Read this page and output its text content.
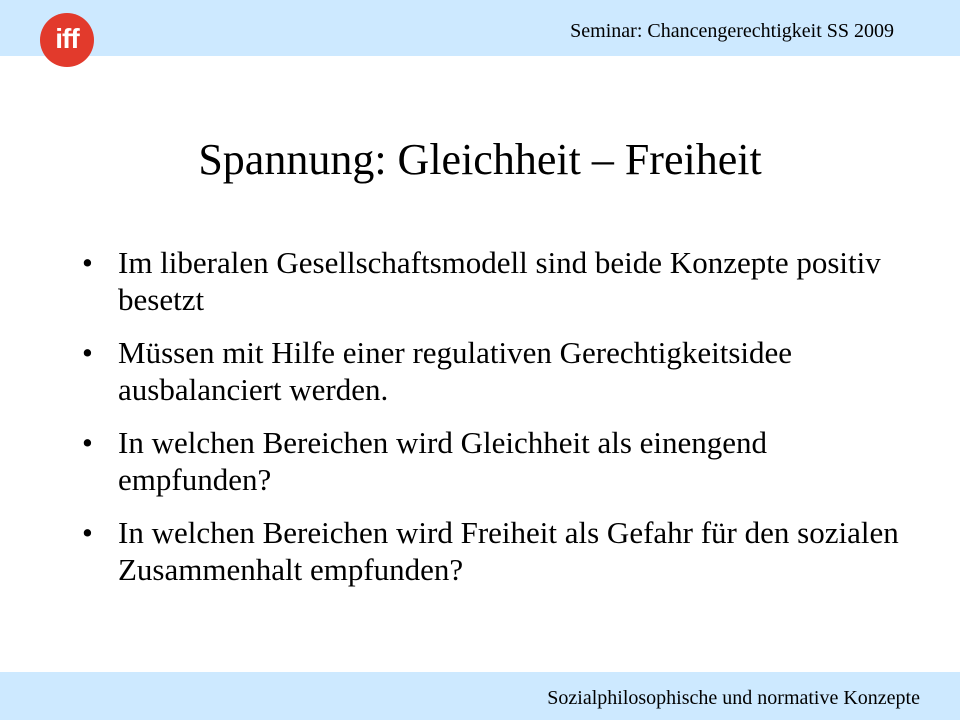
Seminar: Chancengerechtigkeit SS 2009
iff
Spannung: Gleichheit – Freiheit
• Im liberalen Gesellschaftsmodell sind beide Konzepte positiv besetzt
• Müssen mit Hilfe einer regulativen Gerechtigkeitsidee ausbalanciert werden.
• In welchen Bereichen wird Gleichheit als einengend empfunden?
• In welchen Bereichen wird Freiheit als Gefahr für den sozialen Zusammenhalt empfunden?
Sozialphilosophische und normative Konzepte
